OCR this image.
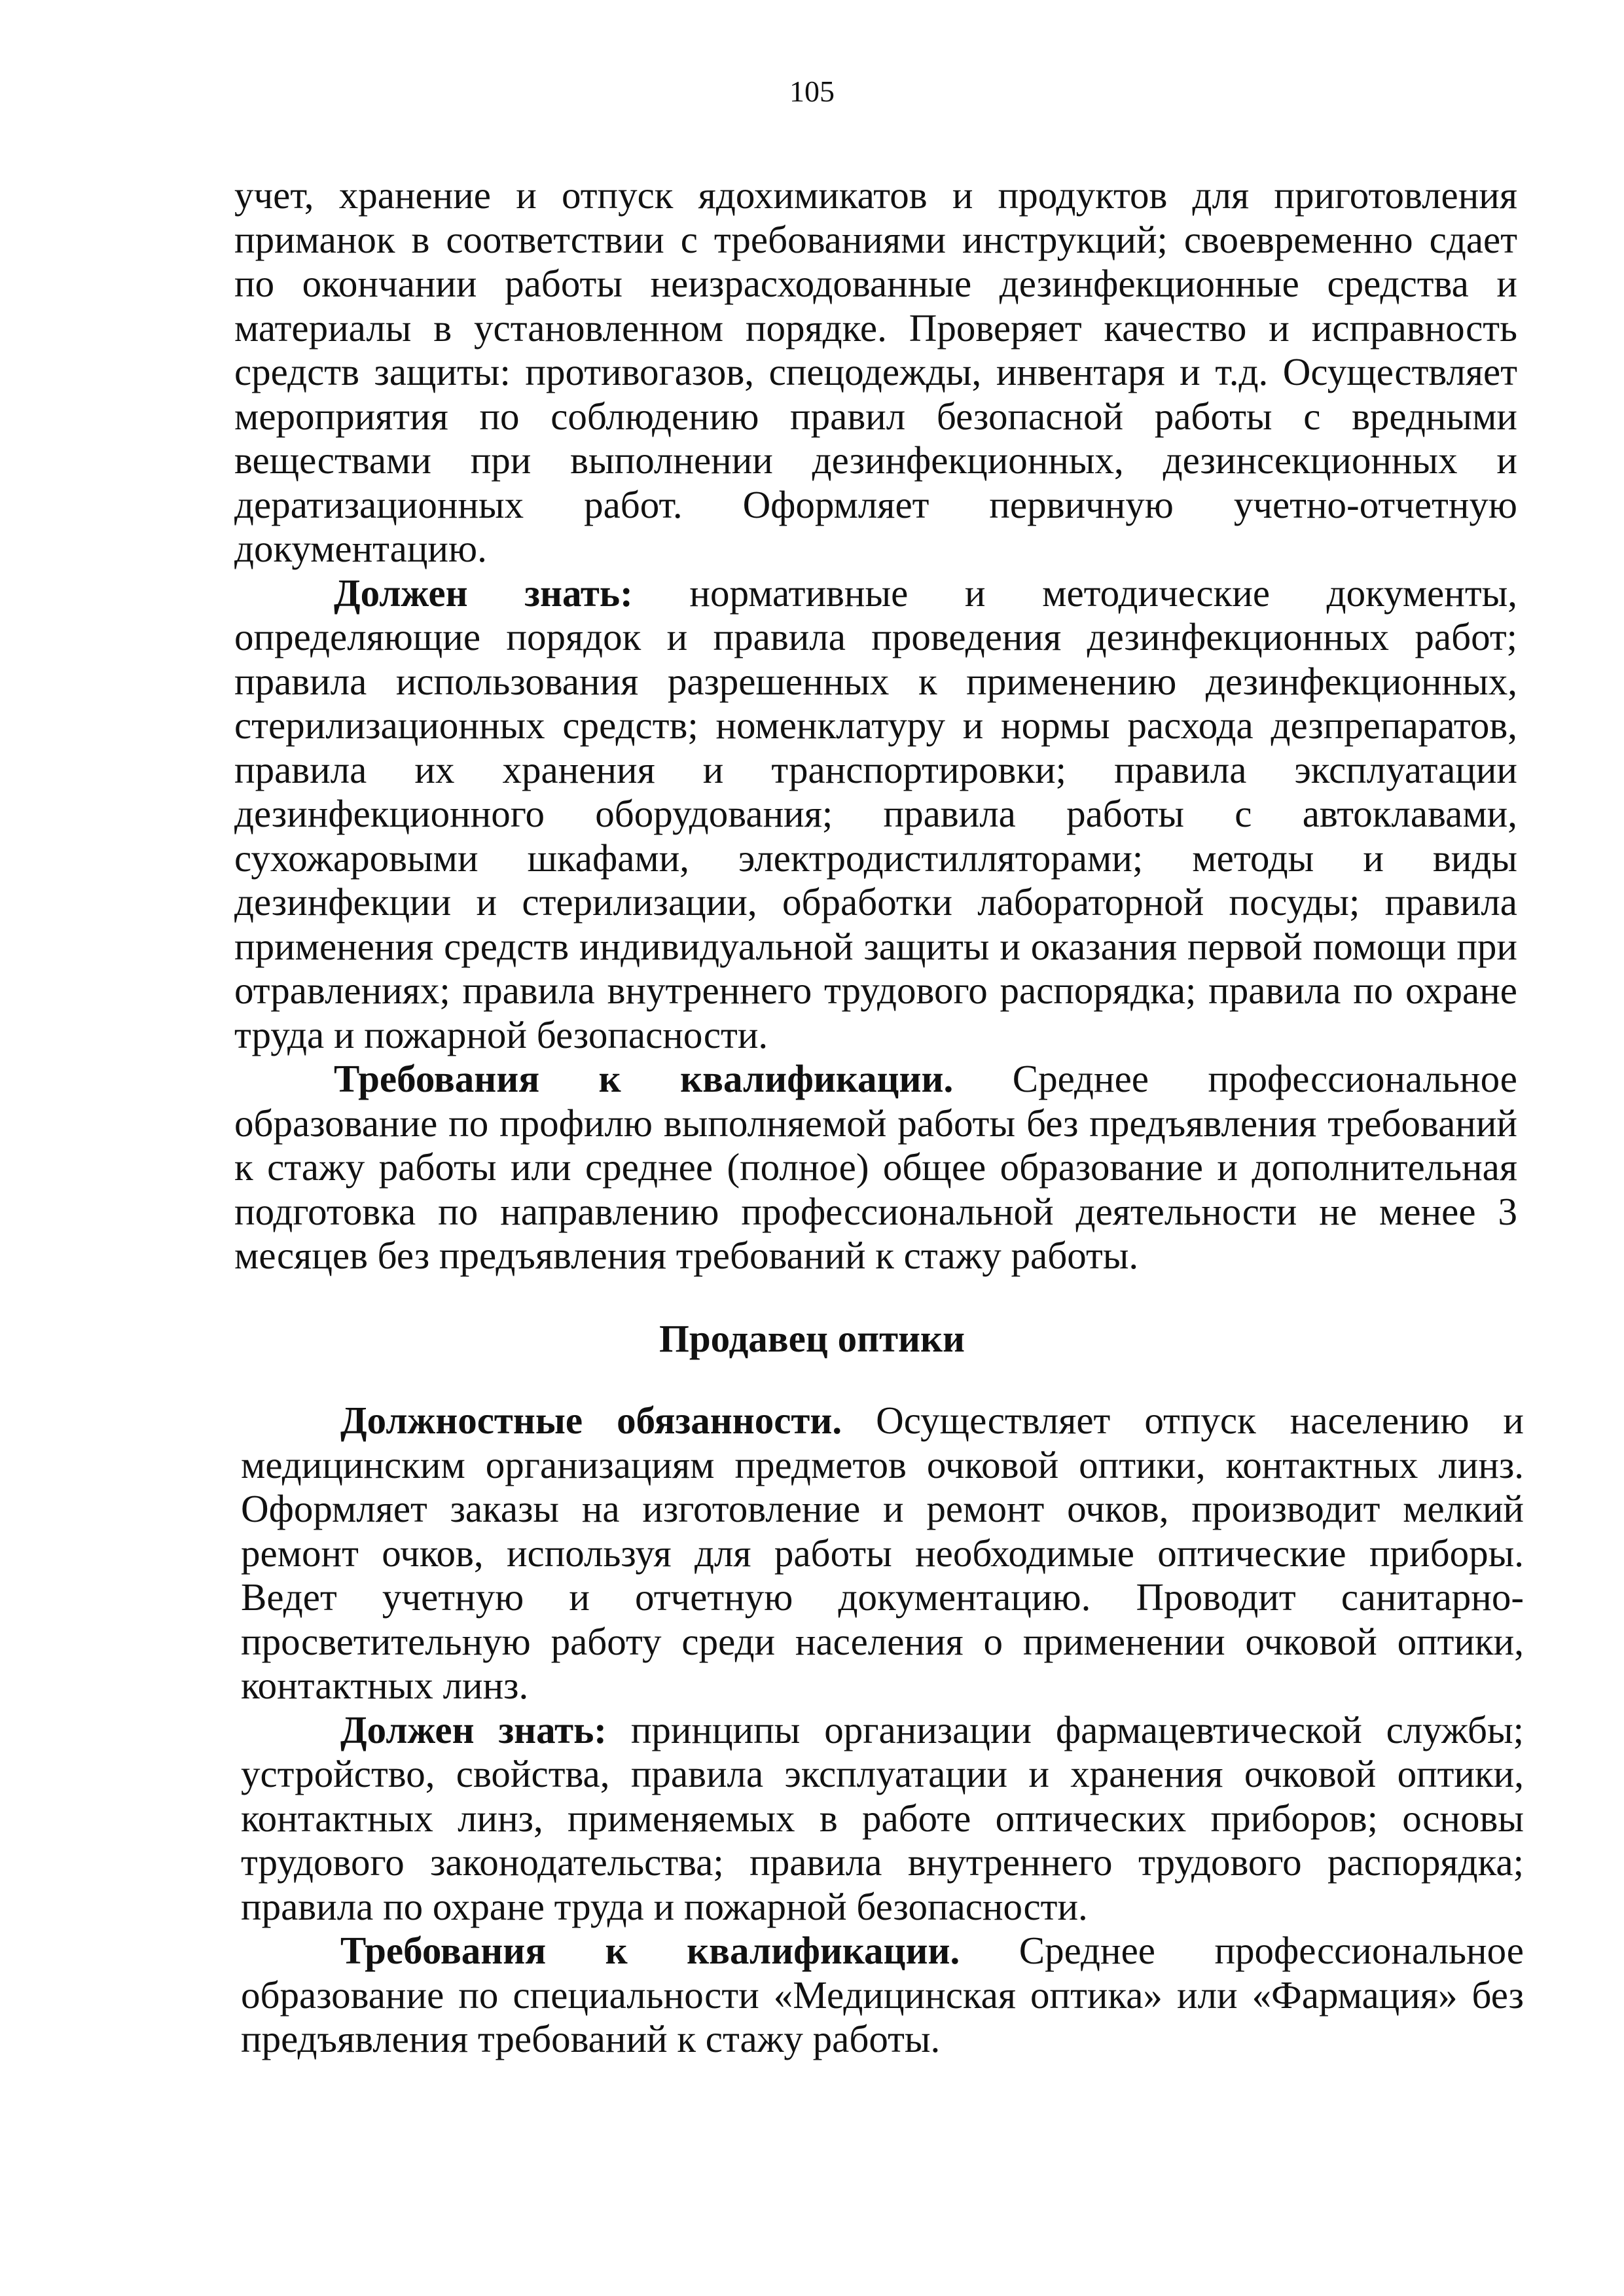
105

учет, хранение и отпуск ядохимикатов и продуктов для приготовления приманок в соответствии с требованиями инструкций; своевременно сдает по окончании работы неизрасходованные дезинфекционные средства и материалы в установленном порядке. Проверяет качество и исправность средств защиты: противогазов, спецодежды, инвентаря и т.д. Осуществляет мероприятия по соблюдению правил безопасной работы с вредными веществами при выполнении дезинфекционных, дезинсекционных и дератизационных работ. Оформляет первичную учетно-отчетную документацию.

Должен знать: нормативные и методические документы, определяющие порядок и правила проведения дезинфекционных работ; правила использования разрешенных к применению дезинфекционных, стерилизационных средств; номенклатуру и нормы расхода дезпрепаратов, правила их хранения и транспортировки; правила эксплуатации дезинфекционного оборудования; правила работы с автоклавами, сухожаровыми шкафами, электродистилляторами; методы и виды дезинфекции и стерилизации, обработки лабораторной посуды; правила применения средств индивидуальной защиты и оказания первой помощи при отравлениях; правила внутреннего трудового распорядка; правила по охране труда и пожарной безопасности.

Требования к квалификации. Среднее профессиональное образование по профилю выполняемой работы без предъявления требований к стажу работы или среднее (полное) общее образование и дополнительная подготовка по направлению профессиональной деятельности не менее 3 месяцев без предъявления требований к стажу работы.

Продавец оптики

Должностные обязанности. Осуществляет отпуск населению и медицинским организациям предметов очковой оптики, контактных линз. Оформляет заказы на изготовление и ремонт очков, производит мелкий ремонт очков, используя для работы необходимые оптические приборы. Ведет учетную и отчетную документацию. Проводит санитарно-просветительную работу среди населения о применении очковой оптики, контактных линз.

Должен знать: принципы организации фармацевтической службы; устройство, свойства, правила эксплуатации и хранения очковой оптики, контактных линз, применяемых в работе оптических приборов; основы трудового законодательства; правила внутреннего трудового распорядка; правила по охране труда и пожарной безопасности.

Требования к квалификации. Среднее профессиональное образование по специальности «Медицинская оптика» или «Фармация» без предъявления требований к стажу работы.
